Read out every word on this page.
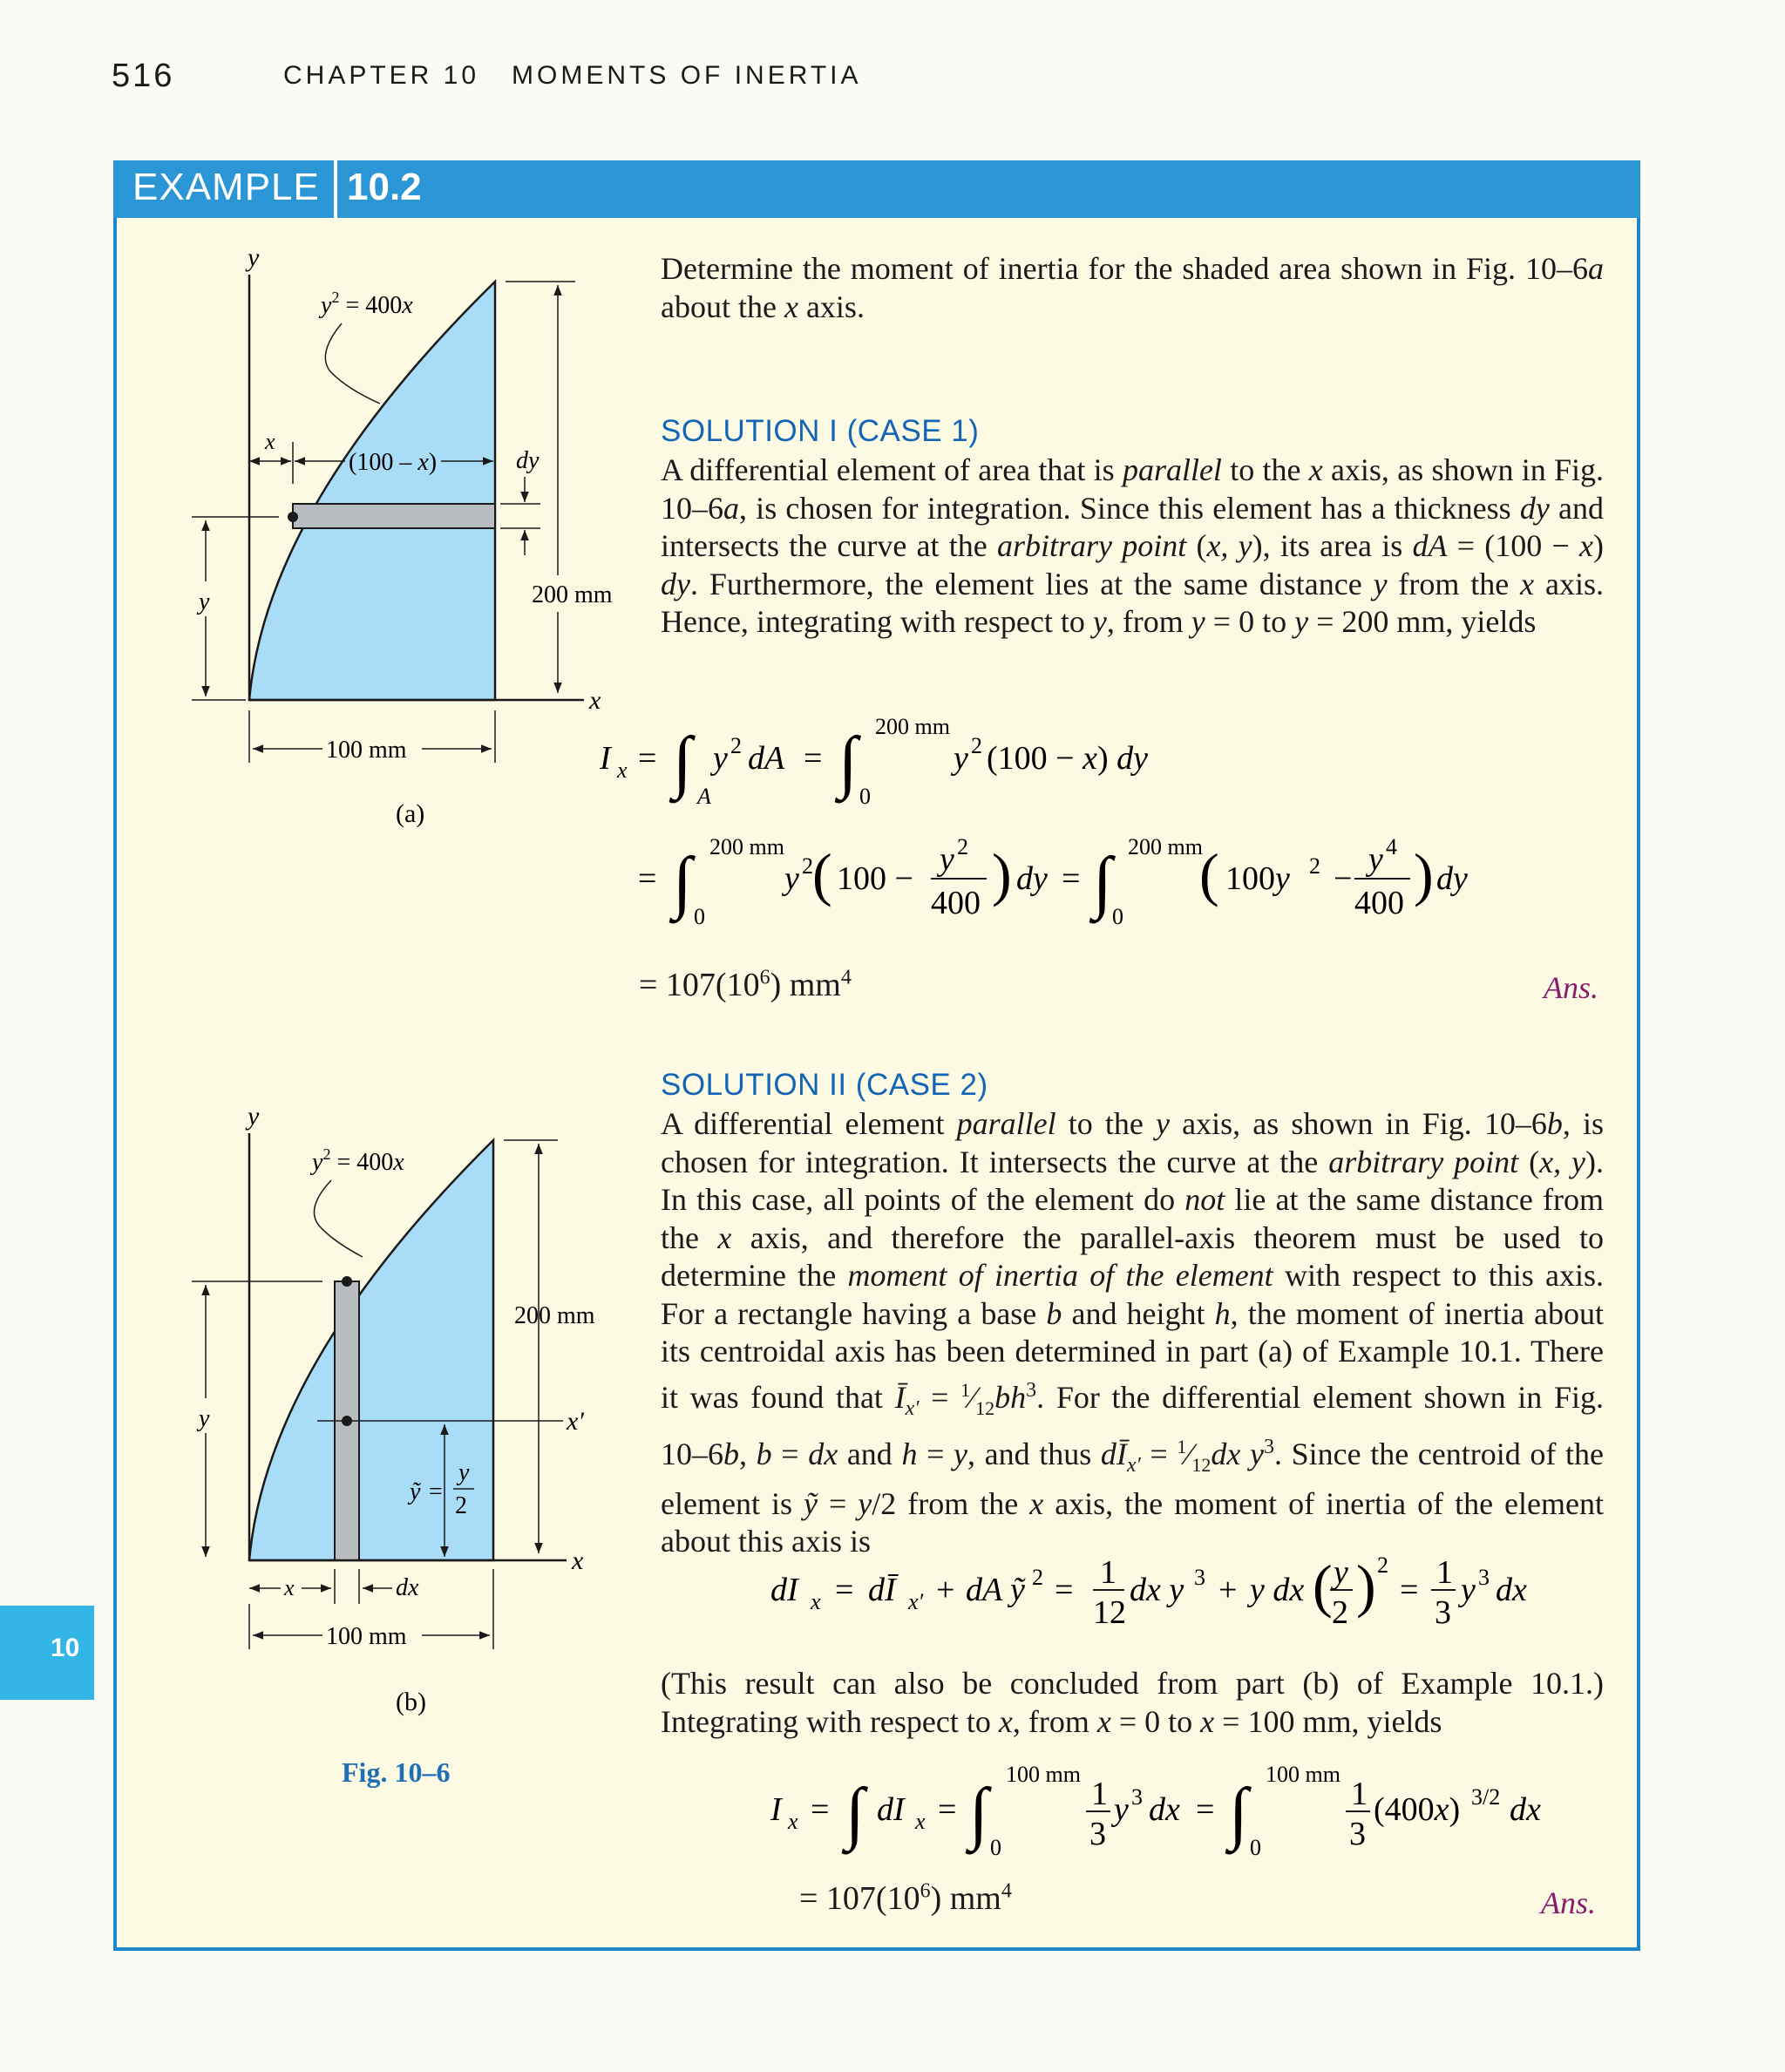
516	CHAPTER 10   MOMENTS OF INERTIA
EXAMPLE 10.2
10
Determine the moment of inertia for the shaded area shown in Fig. 10–6a about the x axis.
SOLUTION I (CASE 1)
A differential element of area that is parallel to the x axis, as shown in Fig. 10–6a, is chosen for integration. Since this element has a thickness dy and intersects the curve at the arbitrary point (x, y), its area is dA = (100 − x) dy. Furthermore, the element lies at the same distance y from the x axis. Hence, integrating with respect to y, from y = 0 to y = 200 mm, yields
I x = ∫ A
y 2 dA = ∫ 0
200 mm
y 2 (100 − x) dy
= ∫ 0
200 mm
y 2 ( 100 −
y 2
400 ) dy = ∫ 0
200 mm
( 100y 2 −
y 4
400 ) dy
= $107(10^6)$ $mm^4$	Ans.
SOLUTION II (CASE 2)
A differential element parallel to the y axis, as shown in Fig. 10–6b, is chosen for integration. It intersects the curve at the arbitrary point (x, y). In this case, all points of the element do not lie at the same distance from the x axis, and therefore the parallel-axis theorem must be used to determine the moment of inertia of the element with respect to this axis. For a rectangle having a base b and height h, the moment of inertia about its centroidal axis has been determined in part (a) of Example 10.1. There it was found that $Ī_{x'}$ = $^1⁄_{12}bh^3$. For the differential element shown in Fig. 10–6b, b = dx and h = y, and thus $dĪ_{x'}$ = $^1⁄_{12}dx$ $y^3$. Since the centroid of the element is ỹ = y/2 from the x axis, the moment of inertia of the element about this axis is
dI x = dĪ x′ + dA ỹ 2 = 1
12
dx y 3 + y dx ( y
2 ) 2
= 1
3
y 3 dx
(This result can also be concluded from part (b) of Example 10.1.) Integrating with respect to x, from x = 0 to x = 100 mm, yields
I x = ∫ dI x = ∫ 0
100 mm
1
3
y 3 dx = ∫ 0
100 mm
1
3
(400x) 3/2 dx
= $107(10^6)$ $mm^4$	Ans.
y
x
$y^2 = 400x$
200 mm
dy
x
(100 – x)
y
100 mm
(a)
y
x
x′
$y^2 = 400x$
200 mm
y
ỹ =
y
2
x	dx
100 mm
(b)
Fig. 10–6
